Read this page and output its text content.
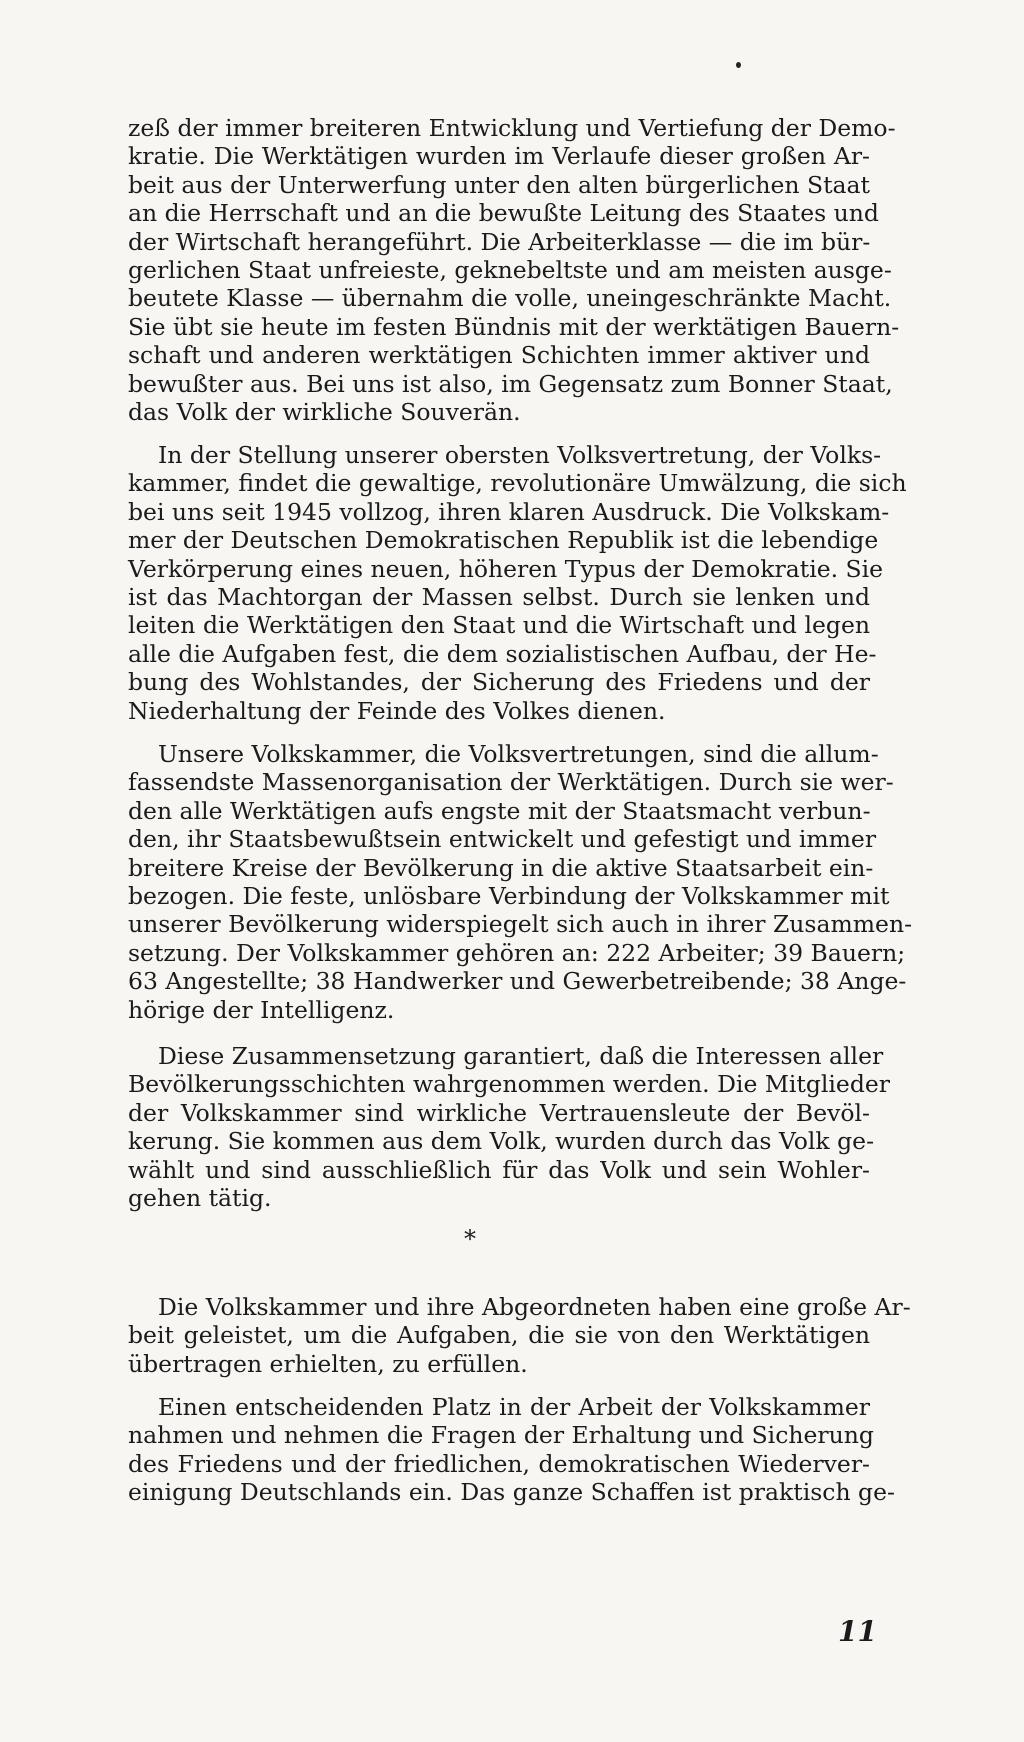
zeß der immer breiteren Entwicklung und Vertiefung der Demo-
kratie. Die Werktätigen wurden im Verlaufe dieser großen Ar-
beit aus der Unterwerfung unter den alten bürgerlichen Staat
an die Herrschaft und an die bewußte Leitung des Staates und
der Wirtschaft herangeführt. Die Arbeiterklasse — die im bür-
gerlichen Staat unfreieste, geknebeltste und am meisten ausge-
beutete Klasse — übernahm die volle, uneingeschränkte Macht.
Sie übt sie heute im festen Bündnis mit der werktätigen Bauern-
schaft und anderen werktätigen Schichten immer aktiver und
bewußter aus. Bei uns ist also, im Gegensatz zum Bonner Staat,
das Volk der wirkliche Souverän.
In der Stellung unserer obersten Volksvertretung, der Volks-
kammer, findet die gewaltige, revolutionäre Umwälzung, die sich
bei uns seit 1945 vollzog, ihren klaren Ausdruck. Die Volkskam-
mer der Deutschen Demokratischen Republik ist die lebendige
Verkörperung eines neuen, höheren Typus der Demokratie. Sie
ist das Machtorgan der Massen selbst. Durch sie lenken und
leiten die Werktätigen den Staat und die Wirtschaft und legen
alle die Aufgaben fest, die dem sozialistischen Aufbau, der He-
bung des Wohlstandes, der Sicherung des Friedens und der
Niederhaltung der Feinde des Volkes dienen.
Unsere Volkskammer, die Volksvertretungen, sind die allum-
fassendste Massenorganisation der Werktätigen. Durch sie wer-
den alle Werktätigen aufs engste mit der Staatsmacht verbun-
den, ihr Staatsbewußtsein entwickelt und gefestigt und immer
breitere Kreise der Bevölkerung in die aktive Staatsarbeit ein-
bezogen. Die feste, unlösbare Verbindung der Volkskammer mit
unserer Bevölkerung widerspiegelt sich auch in ihrer Zusammen-
setzung. Der Volkskammer gehören an: 222 Arbeiter; 39 Bauern;
63 Angestellte; 38 Handwerker und Gewerbetreibende; 38 Ange-
hörige der Intelligenz.
Diese Zusammensetzung garantiert, daß die Interessen aller
Bevölkerungsschichten wahrgenommen werden. Die Mitglieder
der Volkskammer sind wirkliche Vertrauensleute der Bevöl-
kerung. Sie kommen aus dem Volk, wurden durch das Volk ge-
wählt und sind ausschließlich für das Volk und sein Wohler-
gehen tätig.
*
Die Volkskammer und ihre Abgeordneten haben eine große Ar-
beit geleistet, um die Aufgaben, die sie von den Werktätigen
übertragen erhielten, zu erfüllen.
Einen entscheidenden Platz in der Arbeit der Volkskammer
nahmen und nehmen die Fragen der Erhaltung und Sicherung
des Friedens und der friedlichen, demokratischen Wiederver-
einigung Deutschlands ein. Das ganze Schaffen ist praktisch ge-
11
